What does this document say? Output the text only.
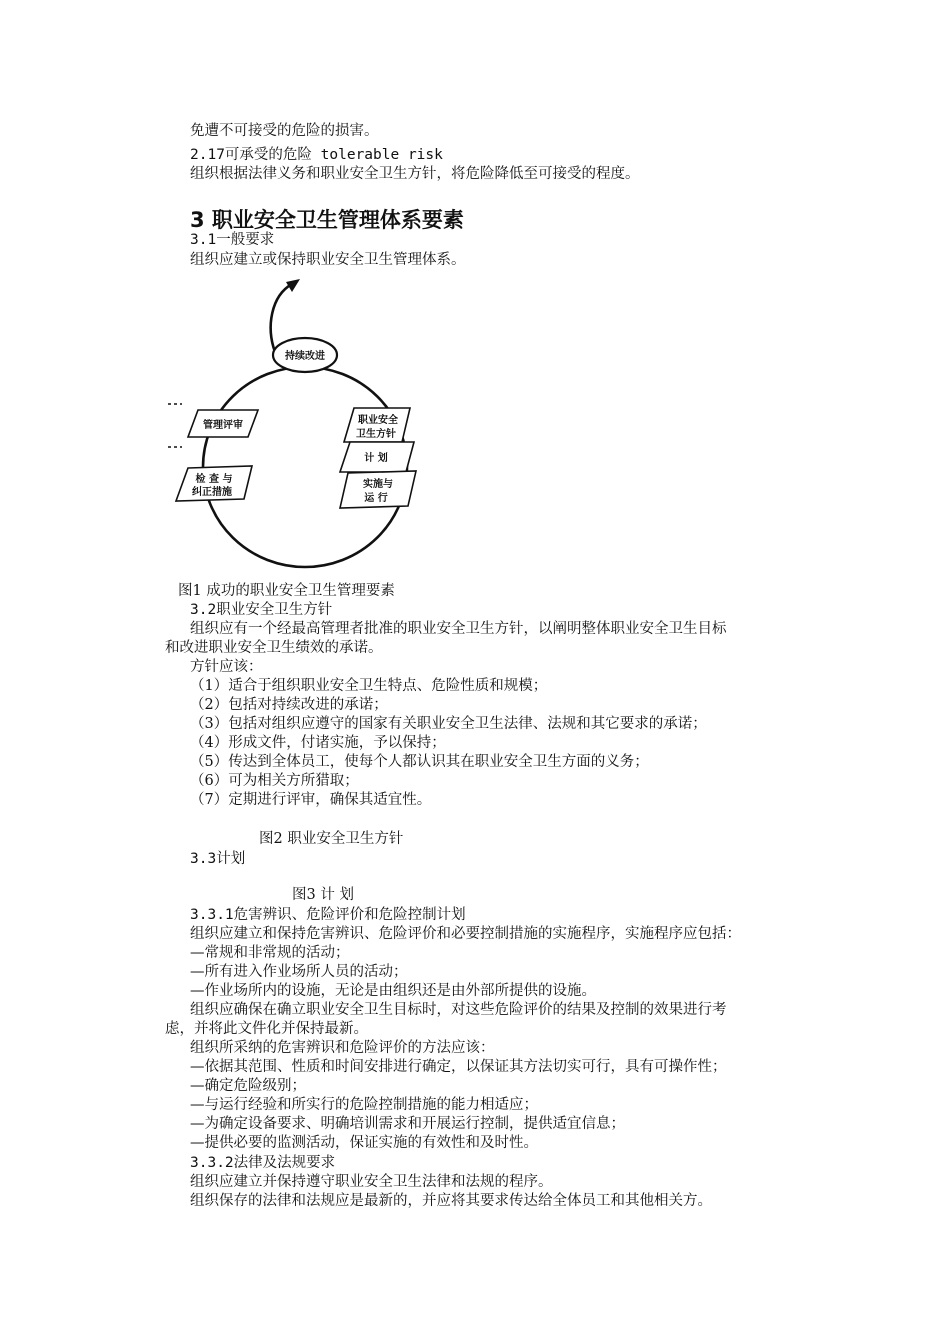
免遭不可接受的危险的损害。
2.17可承受的危险 tolerable risk
组织根据法律义务和职业安全卫生方针，将危险降低至可接受的程度。
3 职业安全卫生管理体系要素
3.1一般要求
组织应建立或保持职业安全卫生管理体系。
持续改进
管理评审
检 查 与
纠正措施
职业安全
卫生方针
计 划
实施与
运 行
图1 成功的职业安全卫生管理要素
3.2职业安全卫生方针
组织应有一个经最高管理者批准的职业安全卫生方针，以阐明整体职业安全卫生目标
和改进职业安全卫生绩效的承诺。
方针应该：
（1）适合于组织职业安全卫生特点、危险性质和规模；
（2）包括对持续改进的承诺；
（3）包括对组织应遵守的国家有关职业安全卫生法律、法规和其它要求的承诺；
（4）形成文件，付诸实施，予以保持；
（5）传达到全体员工，使每个人都认识其在职业安全卫生方面的义务；
（6）可为相关方所猎取；
（7）定期进行评审，确保其适宜性。
图2 职业安全卫生方针
3.3计划
图3 计 划
3.3.1危害辨识、危险评价和危险控制计划
组织应建立和保持危害辨识、危险评价和必要控制措施的实施程序，实施程序应包括：
—常规和非常规的活动；
—所有进入作业场所人员的活动；
—作业场所内的设施，无论是由组织还是由外部所提供的设施。
组织应确保在确立职业安全卫生目标时，对这些危险评价的结果及控制的效果进行考
虑，并将此文件化并保持最新。
组织所采纳的危害辨识和危险评价的方法应该：
—依据其范围、性质和时间安排进行确定，以保证其方法切实可行，具有可操作性；
—确定危险级别；
—与运行经验和所实行的危险控制措施的能力相适应；
—为确定设备要求、明确培训需求和开展运行控制，提供适宜信息；
—提供必要的监测活动，保证实施的有效性和及时性。
3.3.2法律及法规要求
组织应建立并保持遵守职业安全卫生法律和法规的程序。
组织保存的法律和法规应是最新的，并应将其要求传达给全体员工和其他相关方。
